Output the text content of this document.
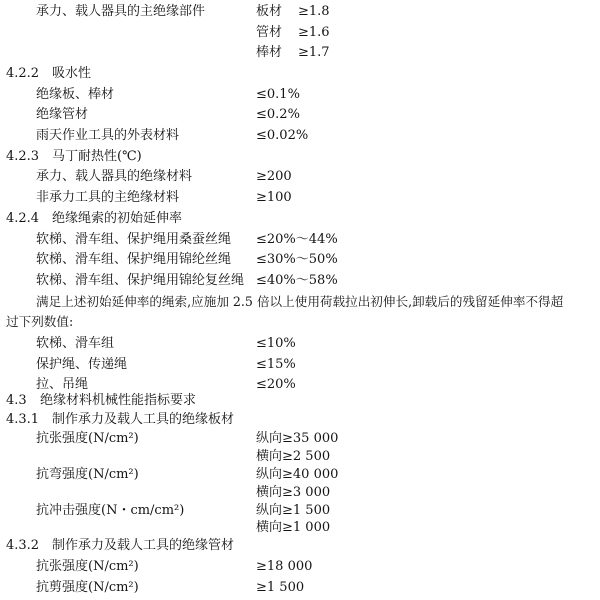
承力、载人器具的主绝缘部件	板材 ≥1.8
管材 ≥1.6
棒材 ≥1.7
4.2.2 吸水性
绝缘板、棒材	≤0.1%
绝缘管材	≤0.2%
雨天作业工具的外表材料	≤0.02%
4.2.3 马丁耐热性(℃)
承力、载人器具的绝缘材料	≥200
非承力工具的主绝缘材料	≥100
4.2.4 绝缘绳索的初始延伸率
软梯、滑车组、保护绳用桑蚕丝绳 ≤20%～44%
软梯、滑车组、保护绳用锦纶丝绳 ≤30%～50%
软梯、滑车组、保护绳用锦纶复丝绳 ≤40%～58%
满足上述初始延伸率的绳索,应施加 2.5 倍以上使用荷载拉出初伸长,卸载后的残留延伸率不得超
过下列数值:
软梯、滑车组	≤10%
保护绳、传递绳	≤15%
拉、吊绳	≤20%
4.3 绝缘材料机械性能指标要求
4.3.1 制作承力及载人工具的绝缘板材
抗张强度(N/cm²)	纵向≥35 000
横向≥2 500
抗弯强度(N/cm²)	纵向≥40 000
横向≥3 000
抗冲击强度(N・cm/cm²)	纵向≥1 500
横向≥1 000
4.3.2 制作承力及载人工具的绝缘管材
抗张强度(N/cm²)	≥18 000
抗剪强度(N/cm²)	≥1 500
